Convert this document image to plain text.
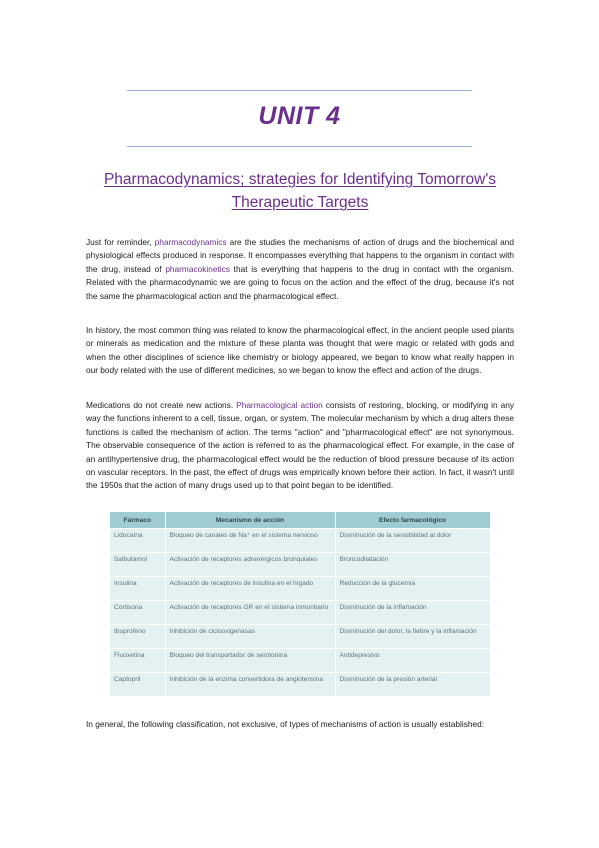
UNIT 4
Pharmacodynamics; strategies for Identifying Tomorrow's Therapeutic Targets

Just for reminder, pharmacodynamics are the studies the mechanisms of action of drugs and the biochemical and physiological effects produced in response. It encompasses everything that happens to the organism in contact with the drug, instead of pharmacokinetics that is everything that happens to the drug in contact with the organism. Related with the pharmacodynamic we are going to focus on the action and the effect of the drug, because it's not the same the pharmacological action and the pharmacological effect.

In history, the most common thing was related to know the pharmacological effect, in the ancient people used plants or minerals as medication and the mixture of these planta was thought that were magic or related with gods and when the other disciplines of science like chemistry or biology appeared, we began to know what really happen in our body related with the use of different medicines, so we began to know the effect and action of the drugs.

Medications do not create new actions. Pharmacological action consists of restoring, blocking, or modifying in any way the functions inherent to a cell, tissue, organ, or system. The molecular mechanism by which a drug alters these functions is called the mechanism of action. The terms "action" and "pharmacological effect" are not synonymous. The observable consequence of the action is referred to as the pharmacological effect. For example, in the case of an antihypertensive drug, the pharmacological effect would be the reduction of blood pressure because of its action on vascular receptors. In the past, the effect of drugs was empirically known before their action. In fact, it wasn't until the 1950s that the action of many drugs used up to that point began to be identified.

Fármaco	Mecanismo de acción	Efecto farmacológico
Lidocaína	Bloqueo de canales de Na⁺ en el sistema nervioso	Disminución de la sensibilidad al dolor
Salbutamol	Activación de receptores adrenérgicos bronquiales	Broncodilatación
Insulina	Activación de receptores de insulina en el hígado	Reducción de la glucemia
Cortisona	Activación de receptores GR en el sistema inmunitario	Disminución de la inflamación
Ibuprofeno	Inhibición de ciclooxigenasas	Disminución del dolor, la fiebre y la inflamación
Fluoxetina	Bloqueo del transportador de serotonina	Antidepresivo
Captopril	Inhibición de la enzima convertidora de angiotensina	Disminución de la presión arterial

In general, the following classification, not exclusive, of types of mechanisms of action is usually established:
